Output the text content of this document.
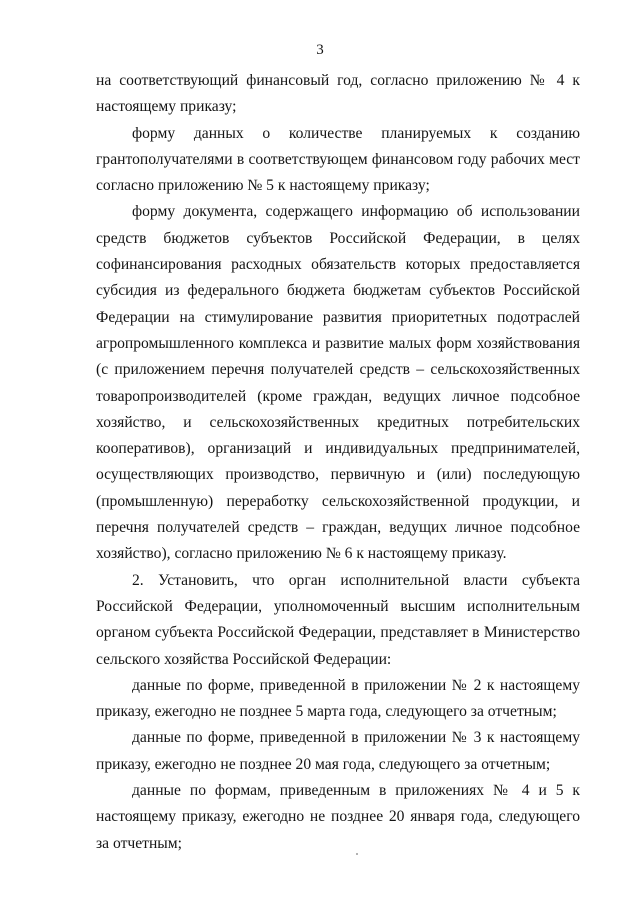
3

на соответствующий финансовый год, согласно приложению № 4 к настоящему приказу;

форму данных о количестве планируемых к созданию грантополучателями в соответствующем финансовом году рабочих мест согласно приложению № 5 к настоящему приказу;

форму документа, содержащего информацию об использовании средств бюджетов субъектов Российской Федерации, в целях софинансирования расходных обязательств которых предоставляется субсидия из федерального бюджета бюджетам субъектов Российской Федерации на стимулирование развития приоритетных подотраслей агропромышленного комплекса и развитие малых форм хозяйствования (с приложением перечня получателей средств – сельскохозяйственных товаропроизводителей (кроме граждан, ведущих личное подсобное хозяйство, и сельскохозяйственных кредитных потребительских кооперативов), организаций и индивидуальных предпринимателей, осуществляющих производство, первичную и (или) последующую (промышленную) переработку сельскохозяйственной продукции, и перечня получателей средств – граждан, ведущих личное подсобное хозяйство), согласно приложению № 6 к настоящему приказу.

2. Установить, что орган исполнительной власти субъекта Российской Федерации, уполномоченный высшим исполнительным органом субъекта Российской Федерации, представляет в Министерство сельского хозяйства Российской Федерации:

данные по форме, приведенной в приложении № 2 к настоящему приказу, ежегодно не позднее 5 марта года, следующего за отчетным;

данные по форме, приведенной в приложении № 3 к настоящему приказу, ежегодно не позднее 20 мая года, следующего за отчетным;

данные по формам, приведенным в приложениях № 4 и 5 к настоящему приказу, ежегодно не позднее 20 января года, следующего за отчетным;
